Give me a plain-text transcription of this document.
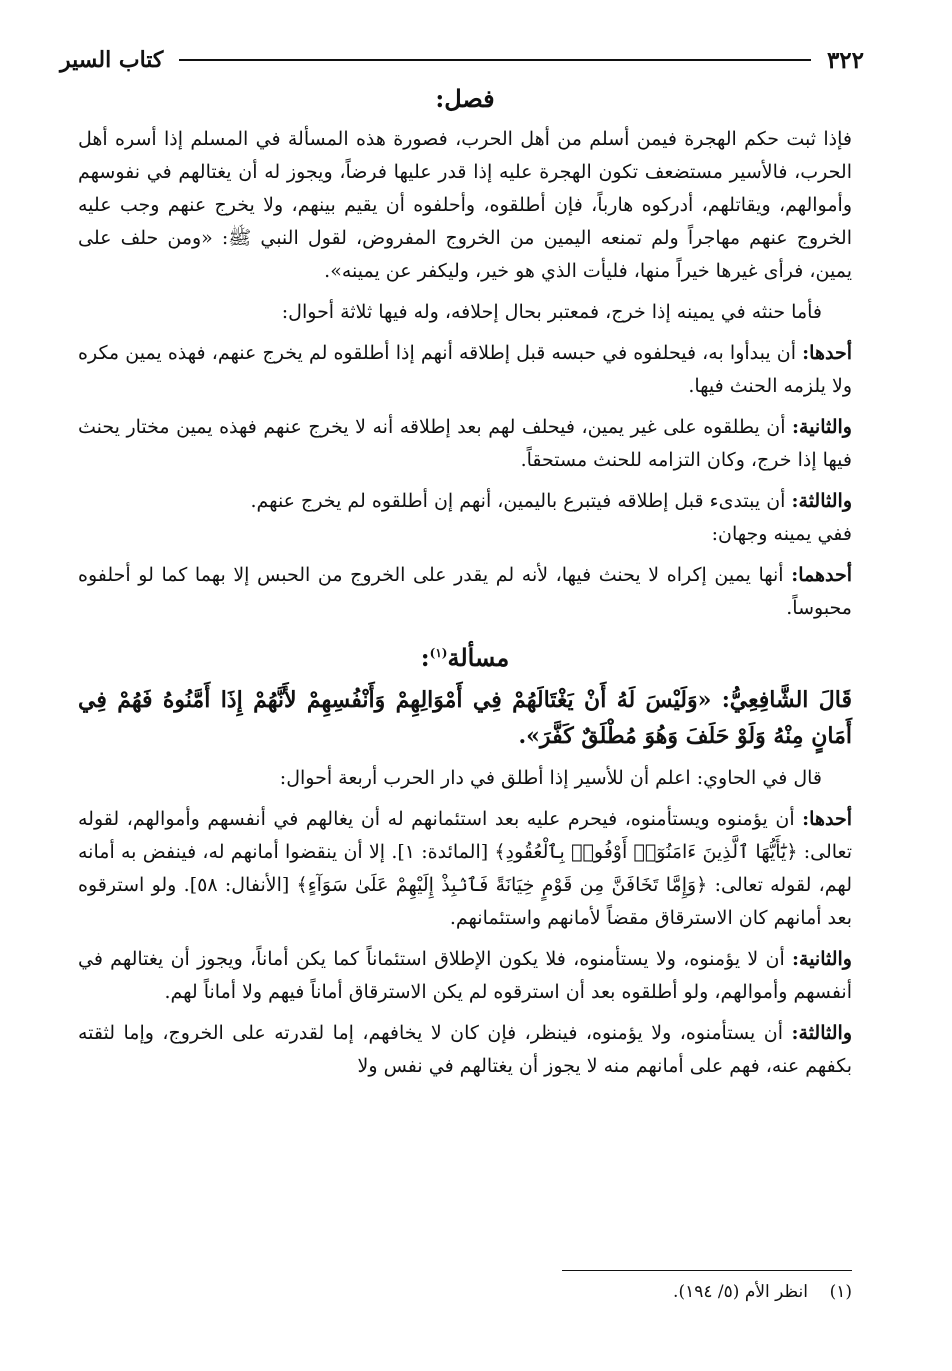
٣٢٢
كتاب السير
فصل:

فإذا ثبت حكم الهجرة فيمن أسلم من أهل الحرب، فصورة هذه المسألة في المسلم إذا أسره أهل الحرب، فالأسير مستضعف تكون الهجرة عليه إذا قدر عليها فرضاً، ويجوز له أن يغتالهم في نفوسهم وأموالهم، ويقاتلهم، أدركوه هارباً، فإن أطلقوه، وأحلفوه أن يقيم بينهم، ولا يخرج عنهم وجب عليه الخروج عنهم مهاجراً ولم تمنعه اليمين من الخروج المفروض، لقول النبي ﷺ: «ومن حلف على يمين، فرأى غيرها خيراً منها، فليأت الذي هو خير، وليكفر عن يمينه».

فأما حنثه في يمينه إذا خرج، فمعتبر بحال إحلافه، وله فيها ثلاثة أحوال:

أحدها: أن يبدأوا به، فيحلفوه في حبسه قبل إطلاقه أنهم إذا أطلقوه لم يخرج عنهم، فهذه يمين مكره ولا يلزمه الحنث فيها.

والثانية: أن يطلقوه على غير يمين، فيحلف لهم بعد إطلاقه أنه لا يخرج عنهم فهذه يمين مختار يحنث فيها إذا خرج، وكان التزامه للحنث مستحقاً.

والثالثة: أن يبتدىء قبل إطلاقه فيتبرع باليمين، أنهم إن أطلقوه لم يخرج عنهم.

ففي يمينه وجهان:

أحدهما: أنها يمين إكراه لا يحنث فيها، لأنه لم يقدر على الخروج من الحبس إلا بهما كما لو أحلفوه محبوساً.

مسألة$^{(١)}$:

قَالَ الشَّافِعِيُّ: «وَلَيْسَ لَهُ أَنْ يَغْتَالَهُمْ فِي أَمْوَالِهِمْ وَأَنْفُسِهِمْ لأَنَّهُمْ إِذَا أَمَّنُوهُ فَهُمْ فِي أَمَانٍ مِنْهُ وَلَوْ حَلَفَ وَهُوَ مُطْلَقٌ كَفَّرَ».

قال في الحاوي: اعلم أن للأسير إذا أطلق في دار الحرب أربعة أحوال:

أحدها: أن يؤمنوه ويستأمنوه، فيحرم عليه بعد استئمانهم له أن يغالهم في أنفسهم وأموالهم، لقوله تعالى: ﴿يَٰٓأَيُّهَا ٱلَّذِينَ ءَامَنُوٓا۟ أَوْفُوا۟ بِٱلْعُقُودِ﴾ [المائدة: ١]. إلا أن ينقضوا أمانهم له، فينفض به أمانه لهم، لقوله تعالى: ﴿وَإِمَّا تَخَافَنَّ مِن قَوْمٍ خِيَانَةً فَٱنۢبِذْ إِلَيْهِمْ عَلَىٰ سَوَآءٍ﴾ [الأنفال: ٥٨]. ولو استرقوه بعد أمانهم كان الاسترقاق مقضاً لأمانهم واستئمانهم.

والثانية: أن لا يؤمنوه، ولا يستأمنوه، فلا يكون الإطلاق استئماناً كما يكن أماناً، ويجوز أن يغتالهم في أنفسهم وأموالهم، ولو أطلقوه بعد أن استرقوه لم يكن الاسترقاق أماناً فيهم ولا أماناً لهم.

والثالثة: أن يستأمنوه، ولا يؤمنوه، فينظر، فإن كان لا يخافهم، إما لقدرته على الخروج، وإما لثقته بكفهم عنه، فهم على أمانهم منه لا يجوز أن يغتالهم في نفس ولا

(١)    انظر الأم (٥/ ١٩٤).
